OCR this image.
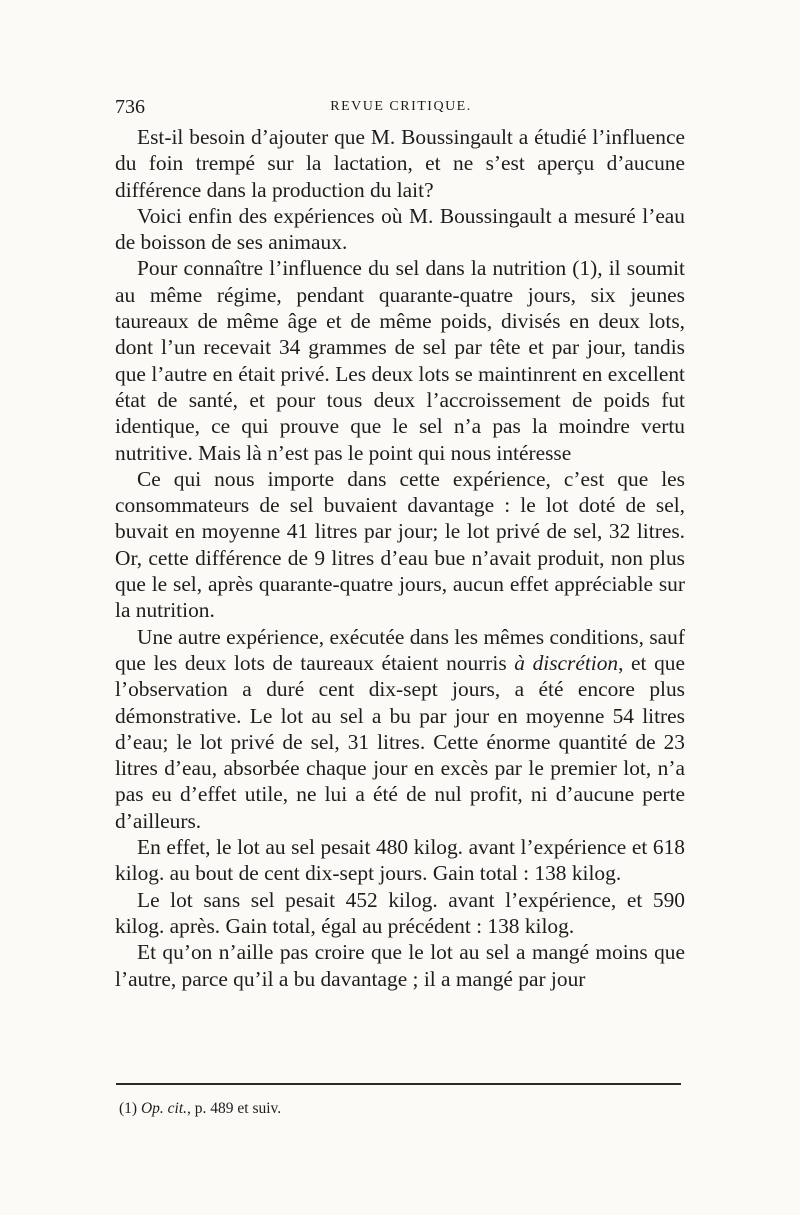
736	REVUE CRITIQUE.

Est-il besoin d’ajouter que M. Boussingault a étudié l’influence du foin trempé sur la lactation, et ne s’est aperçu d’aucune différence dans la production du lait?

Voici enfin des expériences où M. Boussingault a mesuré l’eau de boisson de ses animaux.

Pour connaître l’influence du sel dans la nutrition (1), il soumit au même régime, pendant quarante-quatre jours, six jeunes taureaux de même âge et de même poids, divisés en deux lots, dont l’un recevait 34 grammes de sel par tête et par jour, tandis que l’autre en était privé. Les deux lots se maintinrent en excellent état de santé, et pour tous deux l’accroissement de poids fut identique, ce qui prouve que le sel n’a pas la moindre vertu nutritive. Mais là n’est pas le point qui nous intéresse

Ce qui nous importe dans cette expérience, c’est que les consommateurs de sel buvaient davantage : le lot doté de sel, buvait en moyenne 41 litres par jour; le lot privé de sel, 32 litres. Or, cette différence de 9 litres d’eau bue n’avait produit, non plus que le sel, après quarante-quatre jours, aucun effet appréciable sur la nutrition.

Une autre expérience, exécutée dans les mêmes conditions, sauf que les deux lots de taureaux étaient nourris à discrétion, et que l’observation a duré cent dix-sept jours, a été encore plus démonstrative. Le lot au sel a bu par jour en moyenne 54 litres d’eau; le lot privé de sel, 31 litres. Cette énorme quantité de 23 litres d’eau, absorbée chaque jour en excès par le premier lot, n’a pas eu d’effet utile, ne lui a été de nul profit, ni d’aucune perte d’ailleurs.

En effet, le lot au sel pesait 480 kilog. avant l’expérience et 618 kilog. au bout de cent dix-sept jours. Gain total : 138 kilog.

Le lot sans sel pesait 452 kilog. avant l’expérience, et 590 kilog. après. Gain total, égal au précédent : 138 kilog.

Et qu’on n’aille pas croire que le lot au sel a mangé moins que l’autre, parce qu’il a bu davantage ; il a mangé par jour

(1) Op. cit., p. 489 et suiv.
